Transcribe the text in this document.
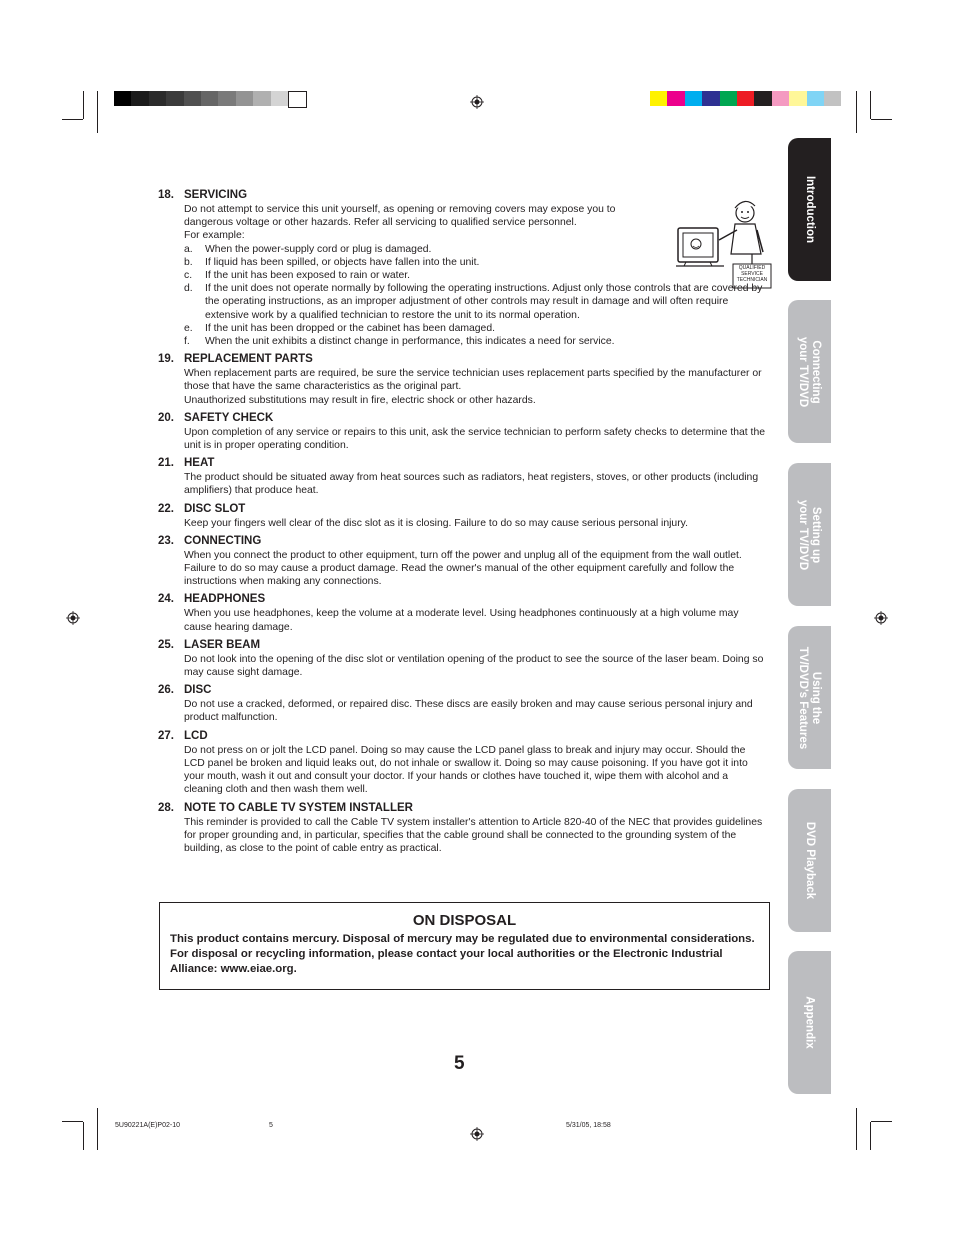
Introduction
Connecting
your TV/DVD
Setting up
your TV/DVD
Using the
TV/DVD's Features
DVD Playback
Appendix
QUALIFIED SERVICE TECHNICIAN
18. SERVICING
Do not attempt to service this unit yourself, as opening or removing covers may expose you to dangerous voltage or other hazards. Refer all servicing to qualified service personnel.
For example:
a. When the power-supply cord or plug is damaged.
b. If liquid has been spilled, or objects have fallen into the unit.
c. If the unit has been exposed to rain or water.
d. If the unit does not operate normally by following the operating instructions. Adjust only those controls that are covered by the operating instructions, as an improper adjustment of other controls may result in damage and will often require extensive work by a qualified technician to restore the unit to its normal operation.
e. If the unit has been dropped or the cabinet has been damaged.
f. When the unit exhibits a distinct change in performance, this indicates a need for service.
19. REPLACEMENT PARTS
When replacement parts are required, be sure the service technician uses replacement parts specified by the manufacturer or those that have the same characteristics as the original part.
Unauthorized substitutions may result in fire, electric shock or other hazards.
20. SAFETY CHECK
Upon completion of any service or repairs to this unit, ask the service technician to perform safety checks to determine that the unit is in proper operating condition.
21. HEAT
The product should be situated away from heat sources such as radiators, heat registers, stoves, or other products (including amplifiers) that produce heat.
22. DISC SLOT
Keep your fingers well clear of the disc slot as it is closing. Failure to do so may cause serious personal injury.
23. CONNECTING
When you connect the product to other equipment, turn off the power and unplug all of the equipment from the wall outlet. Failure to do so may cause a product damage. Read the owner's manual of the other equipment carefully and follow the instructions when making any connections.
24. HEADPHONES
When you use headphones, keep the volume at a moderate level. Using headphones continuously at a high volume may cause hearing damage.
25. LASER BEAM
Do not look into the opening of the disc slot or ventilation opening of the product to see the source of the laser beam. Doing so may cause sight damage.
26. DISC
Do not use a cracked, deformed, or repaired disc. These discs are easily broken and may cause serious personal injury and product malfunction.
27. LCD
Do not press on or jolt the LCD panel. Doing so may cause the LCD panel glass to break and injury may occur. Should the LCD panel be broken and liquid leaks out, do not inhale or swallow it. Doing so may cause poisoning. If you have got it into your mouth, wash it out and consult your doctor. If your hands or clothes have touched it, wipe them with alcohol and a cleaning cloth and then wash them well.
28. NOTE TO CABLE TV SYSTEM INSTALLER
This reminder is provided to call the Cable TV system installer's attention to Article 820-40 of the NEC that provides guidelines for proper grounding and, in particular, specifies that the cable ground shall be connected to the grounding system of the building, as close to the point of cable entry as practical.
ON DISPOSAL
This product contains mercury. Disposal of mercury may be regulated due to environmental considerations. For disposal or recycling information, please contact your local authorities or the Electronic Industrial Alliance: www.eiae.org.
5
5U90221A(E)P02-10	5	5/31/05, 18:58
